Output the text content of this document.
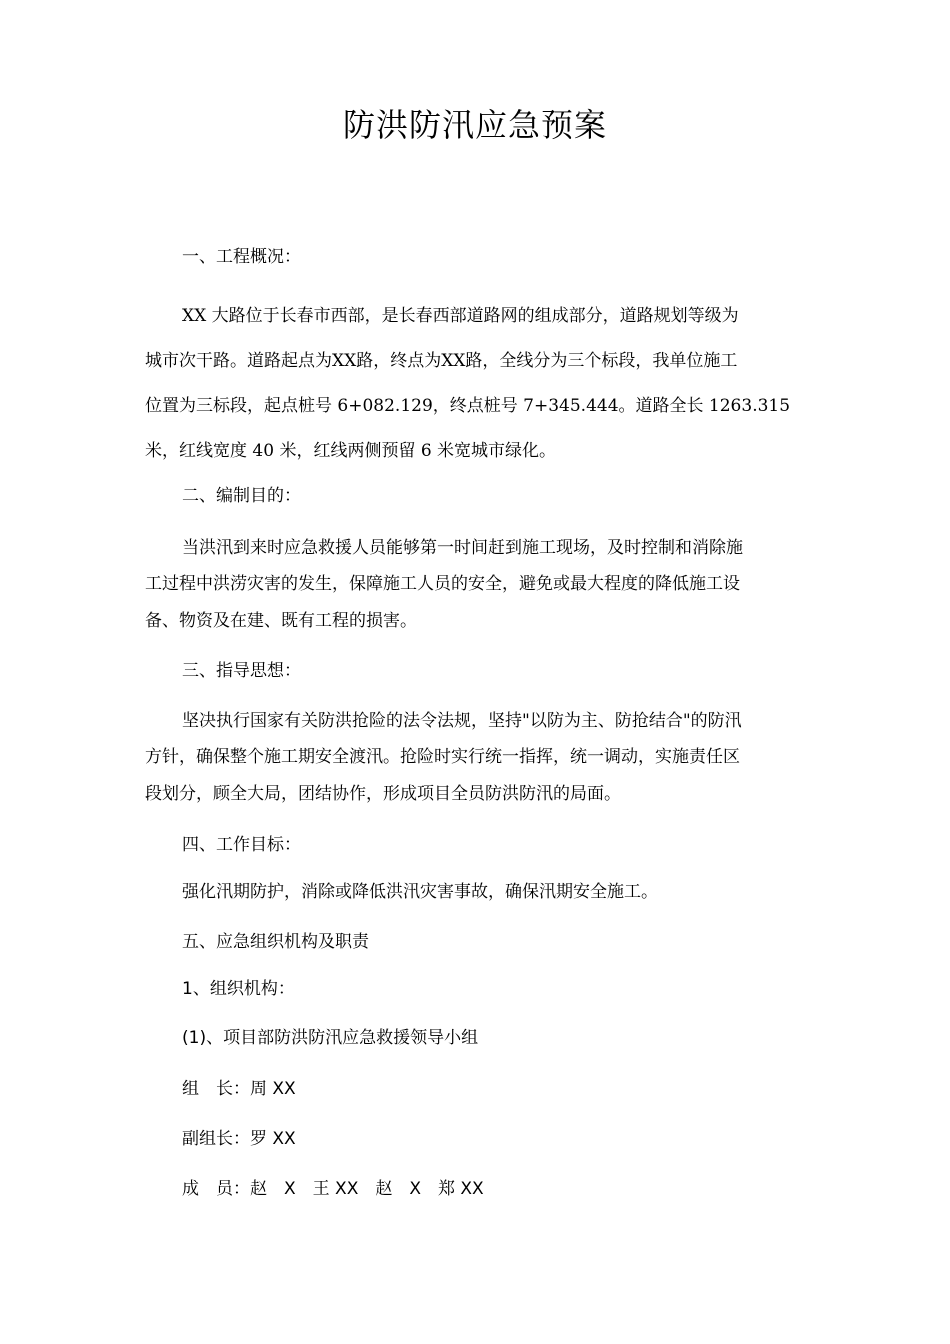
防洪防汛应急预案
一、工程概况：
XX 大路位于长春市西部，是长春西部道路网的组成部分，道路规划等级为
城市次干路。道路起点为XX路，终点为XX路，全线分为三个标段，我单位施工
位置为三标段，起点桩号 6+082.129，终点桩号 7+345.444。道路全长 1263.315
米，红线宽度 40 米，红线两侧预留 6 米宽城市绿化。
二、编制目的：
当洪汛到来时应急救援人员能够第一时间赶到施工现场，及时控制和消除施
工过程中洪涝灾害的发生，保障施工人员的安全，避免或最大程度的降低施工设
备、物资及在建、既有工程的损害。
三、指导思想：
坚决执行国家有关防洪抢险的法令法规，坚持"以防为主、防抢结合"的防汛
方针，确保整个施工期安全渡汛。抢险时实行统一指挥，统一调动，实施责任区
段划分，顾全大局，团结协作，形成项目全员防洪防汛的局面。
四、工作目标：
强化汛期防护，消除或降低洪汛灾害事故，确保汛期安全施工。
五、应急组织机构及职责
1、组织机构：
(1)、项目部防洪防汛应急救援领导小组
组　长：周 XX
副组长：罗 XX
成　员：赵　X　王 XX　赵　X　郑 XX
